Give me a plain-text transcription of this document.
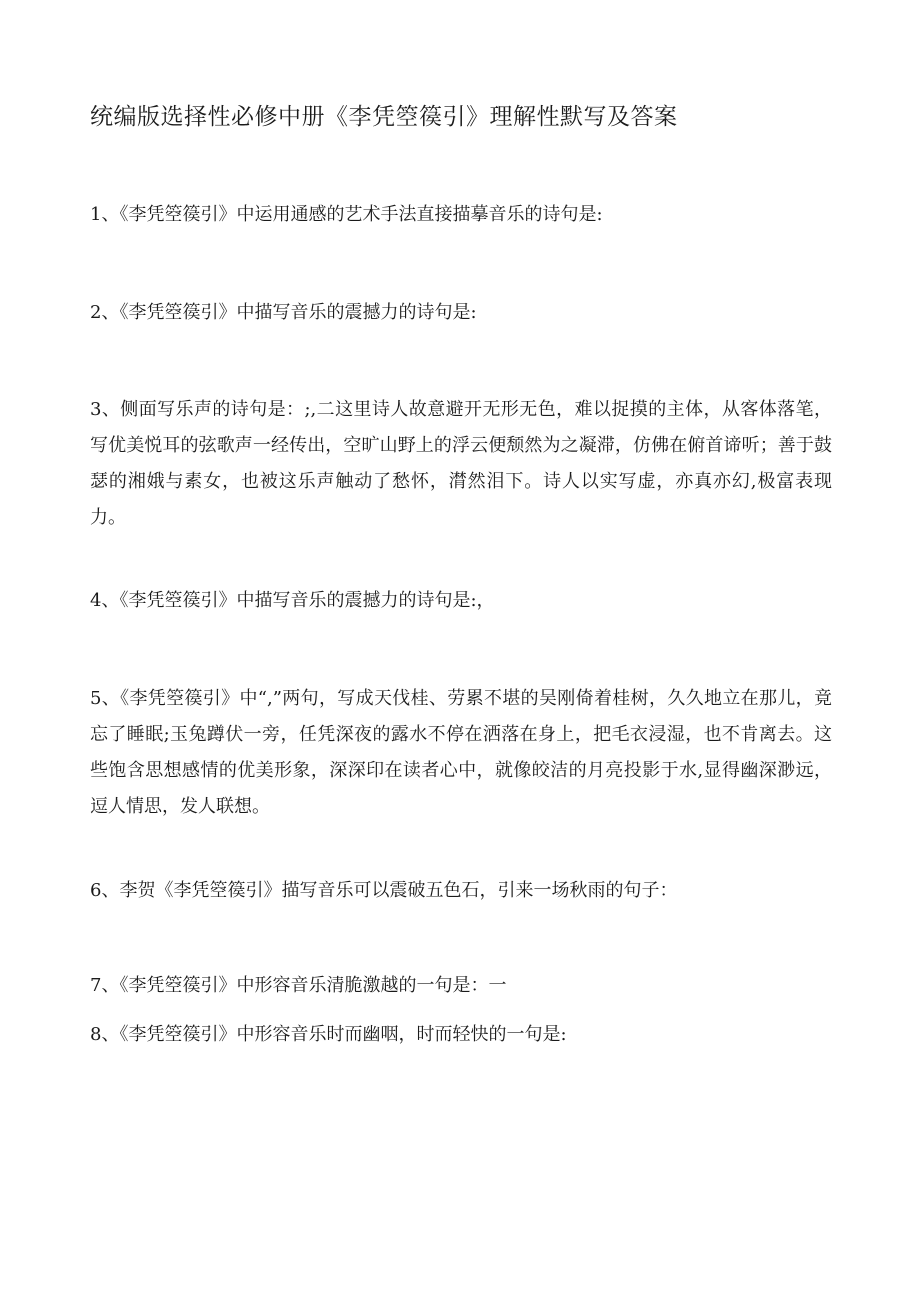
统编版选择性必修中册《李凭箜篌引》理解性默写及答案

1、《李凭箜篌引》中运用通感的艺术手法直接描摹音乐的诗句是:

2、《李凭箜篌引》中描写音乐的震撼力的诗句是:

3、侧面写乐声的诗句是：;,二这里诗人故意避开无形无色，难以捉摸的主体，从客体落笔，写优美悦耳的弦歌声一经传出，空旷山野上的浮云便颓然为之凝滞，仿佛在俯首谛听；善于鼓瑟的湘娥与素女，也被这乐声触动了愁怀，潸然泪下。诗人以实写虚，亦真亦幻,极富表现力。

4、《李凭箜篌引》中描写音乐的震撼力的诗句是:，

5、《李凭箜篌引》中“,”两句，写成天伐桂、劳累不堪的吴刚倚着桂树，久久地立在那儿，竟忘了睡眠;玉兔蹲伏一旁，任凭深夜的露水不停在洒落在身上，把毛衣浸湿，也不肯离去。这些饱含思想感情的优美形象，深深印在读者心中，就像皎洁的月亮投影于水,显得幽深渺远，逗人情思，发人联想。

6、李贺《李凭箜篌引》描写音乐可以震破五色石，引来一场秋雨的句子：

7、《李凭箜篌引》中形容音乐清脆激越的一句是：一

8、《李凭箜篌引》中形容音乐时而幽咽，时而轻快的一句是:
